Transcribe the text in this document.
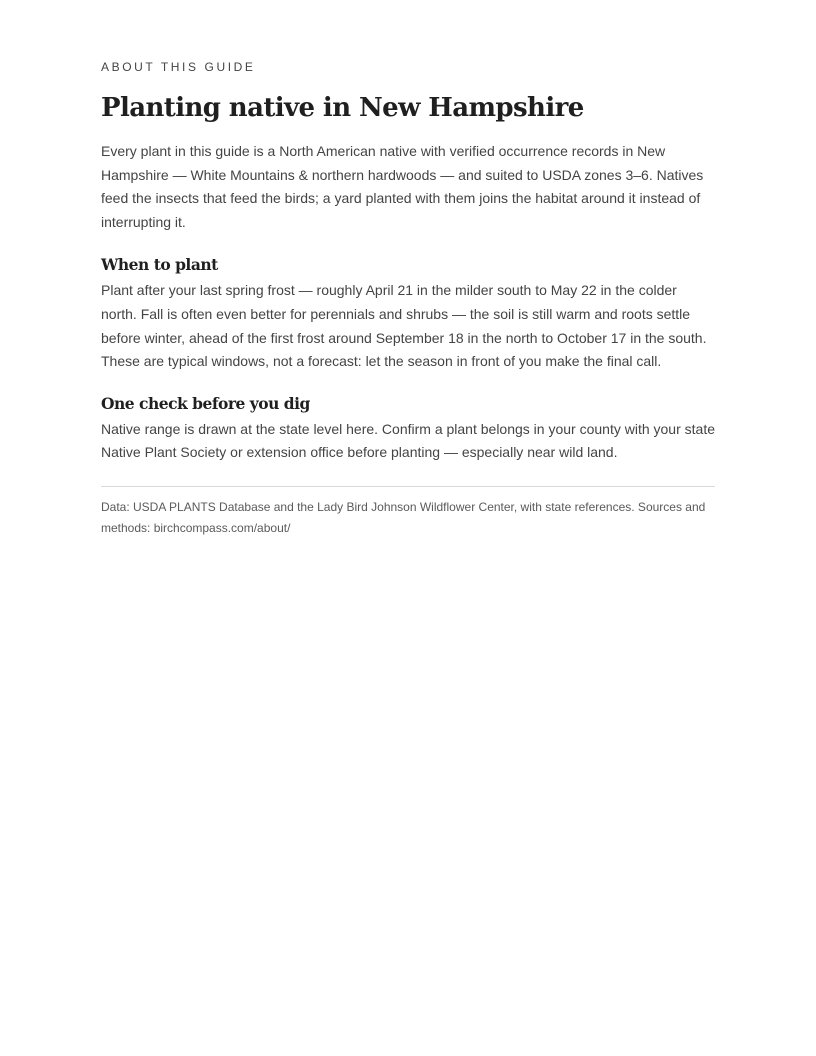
ABOUT THIS GUIDE

Planting native in New Hampshire

Every plant in this guide is a North American native with verified occurrence records in New Hampshire — White Mountains & northern hardwoods — and suited to USDA zones 3–6. Natives feed the insects that feed the birds; a yard planted with them joins the habitat around it instead of interrupting it.

When to plant

Plant after your last spring frost — roughly April 21 in the milder south to May 22 in the colder north. Fall is often even better for perennials and shrubs — the soil is still warm and roots settle before winter, ahead of the first frost around September 18 in the north to October 17 in the south. These are typical windows, not a forecast: let the season in front of you make the final call.

One check before you dig

Native range is drawn at the state level here. Confirm a plant belongs in your county with your state Native Plant Society or extension office before planting — especially near wild land.

Data: USDA PLANTS Database and the Lady Bird Johnson Wildflower Center, with state references. Sources and methods: birchcompass.com/about/
